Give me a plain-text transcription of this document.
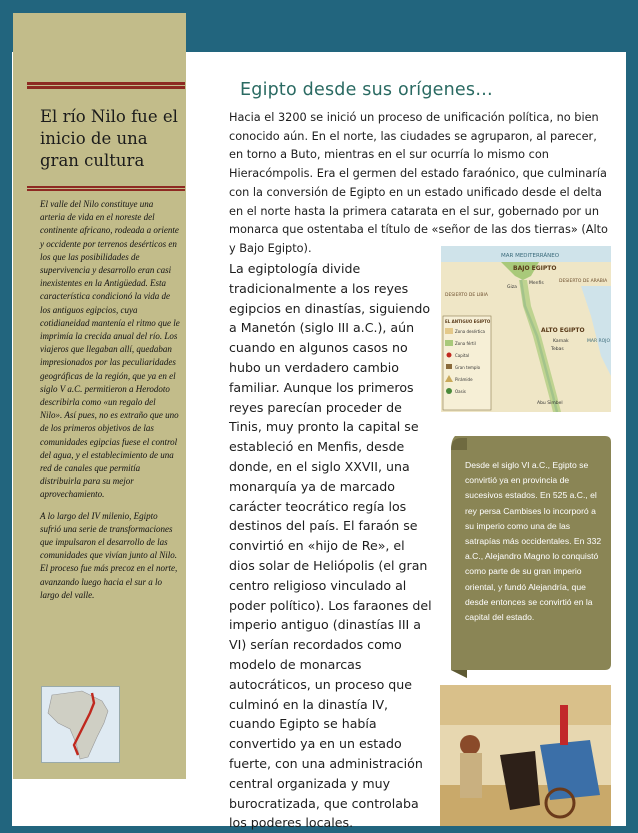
El río Nilo fue el inicio de una gran cultura

El valle del Nilo constituye una arteria de vida en el noreste del continente africano, rodeada a oriente y occidente por terrenos desérticos en los que las posibilidades de supervivencia y desarrollo eran casi inexistentes en la Antigüedad. Esta característica condicionó la vida de los antiguos egipcios, cuya cotidianeidad mantenía el ritmo que le imprimía la crecida anual del río. Los viajeros que llegaban allí, quedaban impresionados por las peculiaridades geográficas de la región, que ya en el siglo V a.C. permitieron a Herodoto describirla como «un regalo del Nilo». Así pues, no es extraño que uno de los primeros objetivos de las comunidades egipcias fuese el control del agua, y el establecimiento de una red de canales que permitía distribuirla para su mejor aprovechamiento.

A lo largo del IV milenio, Egipto sufrió una serie de transformaciones que impulsaron el desarrollo de las comunidades que vivían junto al Nilo. El proceso fue más precoz en el norte, avanzando luego hacia el sur a lo largo del valle.

Egipto desde sus orígenes…

Hacia el 3200 se inició un proceso de unificación política, no bien conocido aún. En el norte, las ciudades se agruparon, al parecer, en torno a Buto, mientras en el sur ocurría lo mismo con Hieracómpolis. Era el germen del estado faraónico, que culminaría con la conversión de Egipto en un estado unificado desde el delta en el norte hasta la primera catarata en el sur, gobernado por un monarca que ostentaba el título de «señor de las dos tierras» (Alto y Bajo Egipto).

La egiptología divide tradicionalmente a los reyes egipcios en dinastías, siguiendo a Manetón (siglo III a.C.), aún cuando en algunos casos no hubo un verdadero cambio familiar. Aunque los primeros reyes parecían proceder de Tinis, muy pronto la capital se estableció en Menfis, desde donde, en el siglo XXVII, una monarquía ya de marcado carácter teocrático regía los destinos del país. El faraón se convirtió en «hijo de Re», el dios solar de Heliópolis (el gran centro religioso vinculado al poder político). Los faraones del imperio antiguo (dinastías III a VI) serían recordados como modelo de monarcas autocráticos, un proceso que culminó en la dinastía IV, cuando Egipto se había convertido ya en un estado fuerte, con una administración central organizada y muy burocratizada, que controlaba los poderes locales.

MAR MEDITERRÁNEO
BAJO EGIPTO
ALTO EGIPTO
DESIERTO DE LIBIA
DESIERTO DE ARABIA
MAR ROJO
EL ANTIGUO EGIPTO
Zona desértica
Zona fértil
Capital
Gran templo
Pirámide
Oasis
Menfis
Giza
Tebas
Karnak
Abu Simbel
Desde el siglo VI a.C., Egipto se convirtió ya en provincia de sucesivos estados. En 525 a.C., el rey persa Cambises lo incorporó a su imperio como una de las satrapías más occidentales. En 332 a.C., Alejandro Magno lo conquistó como parte de su gran imperio oriental, y fundó Alejandría, que desde entonces se convirtió en la capital del estado.
